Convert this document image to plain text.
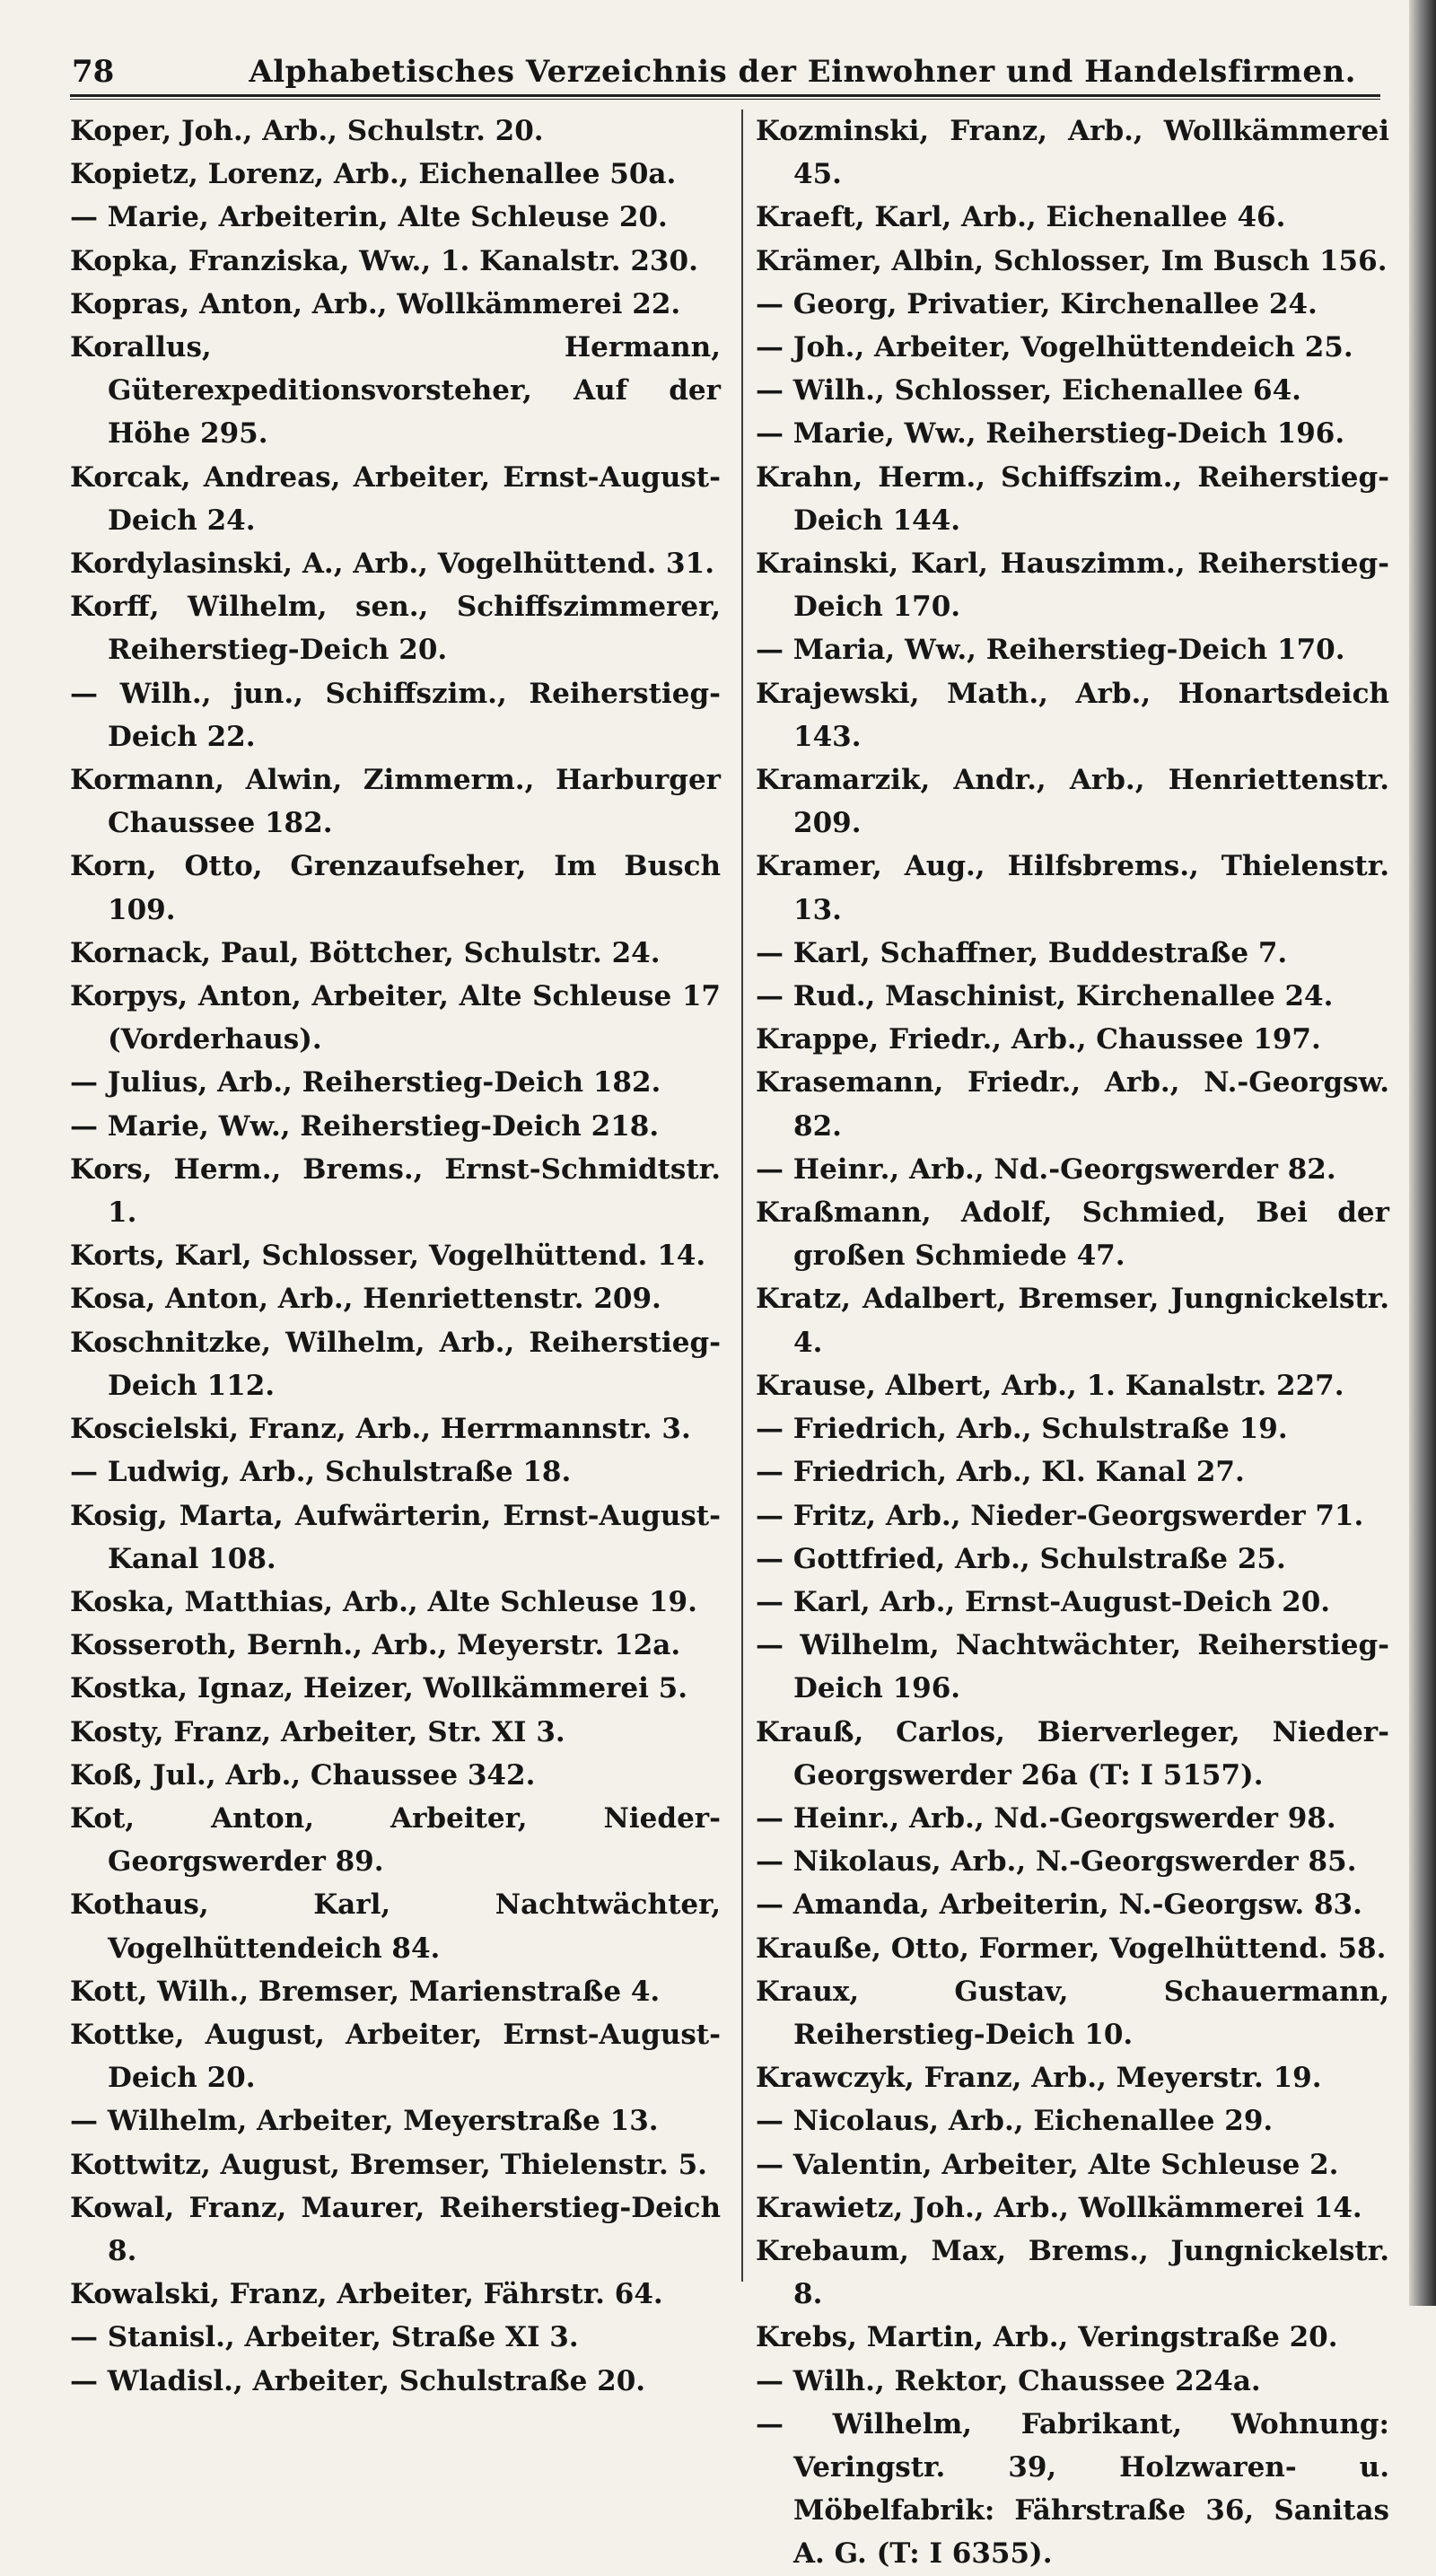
78	Alphabetisches Verzeichnis der Einwohner und Handelsfirmen.
Koper, Joh., Arb., Schulstr. 20.
Kopietz, Lorenz, Arb., Eichenallee 50a.
— Marie, Arbeiterin, Alte Schleuse 20.
Kopka, Franziska, Ww., 1. Kanalstr. 230.
Kopras, Anton, Arb., Wollkämmerei 22.
Korallus, Hermann, Güterexpeditionsvorsteher, Auf der Höhe 295.
Korcak, Andreas, Arbeiter, Ernst-August-Deich 24.
Kordylasinski, A., Arb., Vogelhüttend. 31.
Korff, Wilhelm, sen., Schiffszimmerer, Reiherstieg-Deich 20.
— Wilh., jun., Schiffszim., Reiherstieg-Deich 22.
Kormann, Alwin, Zimmerm., Harburger Chaussee 182.
Korn, Otto, Grenzaufseher, Im Busch 109.
Kornack, Paul, Böttcher, Schulstr. 24.
Korpys, Anton, Arbeiter, Alte Schleuse 17 (Vorderhaus).
— Julius, Arb., Reiherstieg-Deich 182.
— Marie, Ww., Reiherstieg-Deich 218.
Kors, Herm., Brems., Ernst-Schmidtstr. 1.
Korts, Karl, Schlosser, Vogelhüttend. 14.
Kosa, Anton, Arb., Henriettenstr. 209.
Koschnitzke, Wilhelm, Arb., Reiherstieg-Deich 112.
Koscielski, Franz, Arb., Herrmannstr. 3.
— Ludwig, Arb., Schulstraße 18.
Kosig, Marta, Aufwärterin, Ernst-August-Kanal 108.
Koska, Matthias, Arb., Alte Schleuse 19.
Kosseroth, Bernh., Arb., Meyerstr. 12a.
Kostka, Ignaz, Heizer, Wollkämmerei 5.
Kosty, Franz, Arbeiter, Str. XI 3.
Koß, Jul., Arb., Chaussee 342.
Kot, Anton, Arbeiter, Nieder-Georgswerder 89.
Kothaus, Karl, Nachtwächter, Vogelhüttendeich 84.
Kott, Wilh., Bremser, Marienstraße 4.
Kottke, August, Arbeiter, Ernst-August-Deich 20.
— Wilhelm, Arbeiter, Meyerstraße 13.
Kottwitz, August, Bremser, Thielenstr. 5.
Kowal, Franz, Maurer, Reiherstieg-Deich 8.
Kowalski, Franz, Arbeiter, Fährstr. 64.
— Stanisl., Arbeiter, Straße XI 3.
— Wladisl., Arbeiter, Schulstraße 20.
Kozminski, Franz, Arb., Wollkämmerei 45.
Kraeft, Karl, Arb., Eichenallee 46.
Krämer, Albin, Schlosser, Im Busch 156.
— Georg, Privatier, Kirchenallee 24.
— Joh., Arbeiter, Vogelhüttendeich 25.
— Wilh., Schlosser, Eichenallee 64.
— Marie, Ww., Reiherstieg-Deich 196.
Krahn, Herm., Schiffszim., Reiherstieg-Deich 144.
Krainski, Karl, Hauszimm., Reiherstieg-Deich 170.
— Maria, Ww., Reiherstieg-Deich 170.
Krajewski, Math., Arb., Honartsdeich 143.
Kramarzik, Andr., Arb., Henriettenstr. 209.
Kramer, Aug., Hilfsbrems., Thielenstr. 13.
— Karl, Schaffner, Buddestraße 7.
— Rud., Maschinist, Kirchenallee 24.
Krappe, Friedr., Arb., Chaussee 197.
Krasemann, Friedr., Arb., N.-Georgsw. 82.
— Heinr., Arb., Nd.-Georgswerder 82.
Kraßmann, Adolf, Schmied, Bei der großen Schmiede 47.
Kratz, Adalbert, Bremser, Jungnickelstr. 4.
Krause, Albert, Arb., 1. Kanalstr. 227.
— Friedrich, Arb., Schulstraße 19.
— Friedrich, Arb., Kl. Kanal 27.
— Fritz, Arb., Nieder-Georgswerder 71.
— Gottfried, Arb., Schulstraße 25.
— Karl, Arb., Ernst-August-Deich 20.
— Wilhelm, Nachtwächter, Reiherstieg-Deich 196.
Krauß, Carlos, Bierverleger, Nieder-Georgswerder 26a (T: I 5157).
— Heinr., Arb., Nd.-Georgswerder 98.
— Nikolaus, Arb., N.-Georgswerder 85.
— Amanda, Arbeiterin, N.-Georgsw. 83.
Kraußе, Otto, Former, Vogelhüttend. 58.
Kraux, Gustav, Schauermann, Reiherstieg-Deich 10.
Krawczyk, Franz, Arb., Meyerstr. 19.
— Nicolaus, Arb., Eichenallee 29.
— Valentin, Arbeiter, Alte Schleuse 2.
Krawietz, Joh., Arb., Wollkämmerei 14.
Krebaum, Max, Brems., Jungnickelstr. 8.
Krebs, Martin, Arb., Veringstraße 20.
— Wilh., Rektor, Chaussee 224a.
— Wilhelm, Fabrikant, Wohnung: Veringstr. 39, Holzwaren- u. Möbelfabrik: Fährstraße 36, Sanitas A. G. (T: I 6355).
